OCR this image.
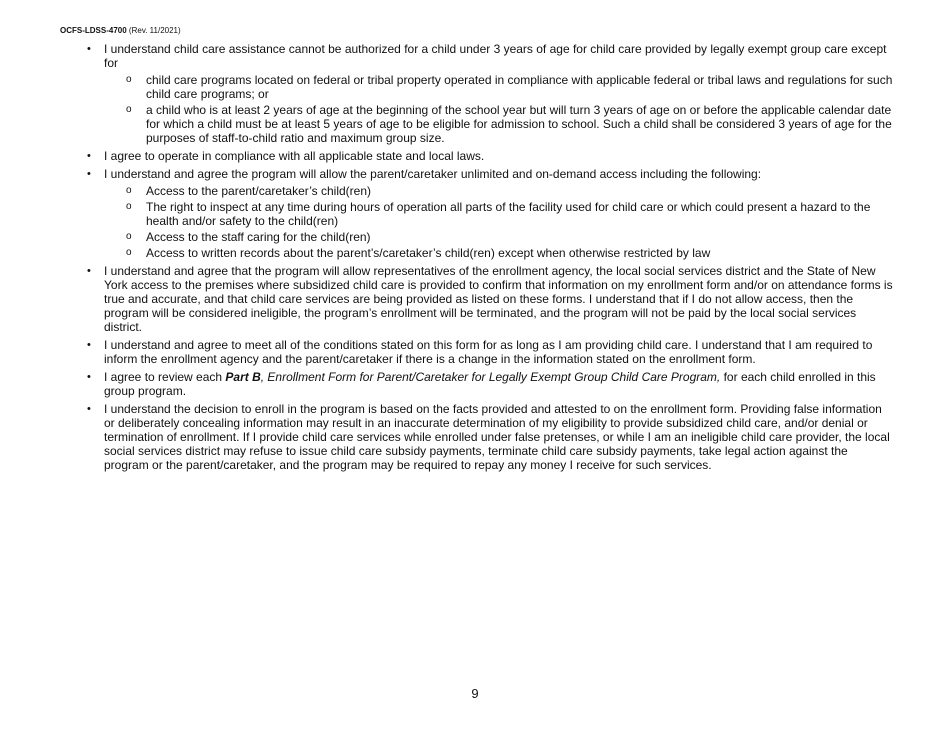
OCFS-LDSS-4700 (Rev. 11/2021)
• I understand child care assistance cannot be authorized for a child under 3 years of age for child care provided by legally exempt group care except for
o child care programs located on federal or tribal property operated in compliance with applicable federal or tribal laws and regulations for such child care programs; or
o a child who is at least 2 years of age at the beginning of the school year but will turn 3 years of age on or before the applicable calendar date for which a child must be at least 5 years of age to be eligible for admission to school. Such a child shall be considered 3 years of age for the purposes of staff-to-child ratio and maximum group size.
• I agree to operate in compliance with all applicable state and local laws.
• I understand and agree the program will allow the parent/caretaker unlimited and on-demand access including the following:
o Access to the parent/caretaker’s child(ren)
o The right to inspect at any time during hours of operation all parts of the facility used for child care or which could present a hazard to the health and/or safety to the child(ren)
o Access to the staff caring for the child(ren)
o Access to written records about the parent’s/caretaker’s child(ren) except when otherwise restricted by law
• I understand and agree that the program will allow representatives of the enrollment agency, the local social services district and the State of New York access to the premises where subsidized child care is provided to confirm that information on my enrollment form and/or on attendance forms is true and accurate, and that child care services are being provided as listed on these forms. I understand that if I do not allow access, then the program will be considered ineligible, the program’s enrollment will be terminated, and the program will not be paid by the local social services district.
• I understand and agree to meet all of the conditions stated on this form for as long as I am providing child care. I understand that I am required to inform the enrollment agency and the parent/caretaker if there is a change in the information stated on the enrollment form.
• I agree to review each Part B, Enrollment Form for Parent/Caretaker for Legally Exempt Group Child Care Program, for each child enrolled in this group program.
• I understand the decision to enroll in the program is based on the facts provided and attested to on the enrollment form. Providing false information or deliberately concealing information may result in an inaccurate determination of my eligibility to provide subsidized child care, and/or denial or termination of enrollment. If I provide child care services while enrolled under false pretenses, or while I am an ineligible child care provider, the local social services district may refuse to issue child care subsidy payments, terminate child care subsidy payments, take legal action against the program or the parent/caretaker, and the program may be required to repay any money I receive for such services.
9
